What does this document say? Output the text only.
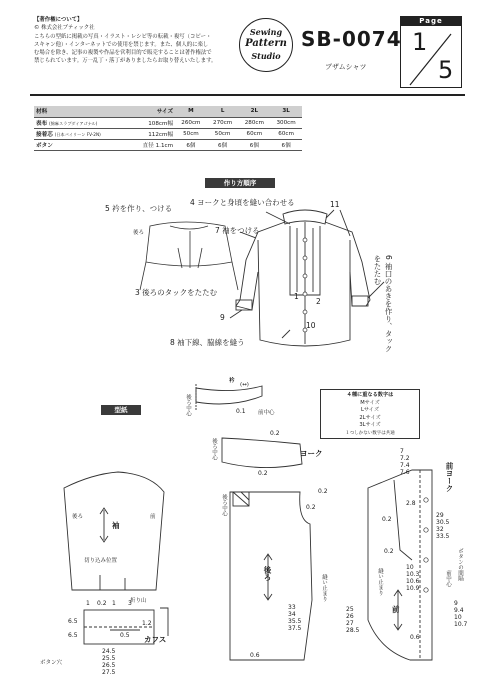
【著作権について】
© 株式会社ブティック社
こちらの型紙に掲載の写真・イラスト・レシピ等の転載・複写（コピー・
スキャン他）・インターネットでの使用を禁じます。また、個人的に楽し
む場合を除き、記事の複製や作品を営利目的で販売することは著作権法で
禁じられています。万一乱丁・落丁がありましたらお取り替えいたします。
Sewing
Pattern
Studio
SB-0074
ブザムシャツ
Page
1
5
材料	サイズ	M	L	2L	3L
表布 (綿麻スラブダイアゴナル)	108cm幅	260cm	270cm	280cm	300cm
接着芯 (日本バイリーン FV-2N)	112cm幅	50cm	50cm	60cm	60cm
ボタン	直径 1.1cm	6個	6個	6個	6個
作り方順序
5 衿を作り、つける
4 ヨークと身頃を縫い合わせる
7 袖をつける
11
6 袖口のあきを作り、タックをたたむ
3 後ろのタックをたたむ
9
1
2
10
8 袖下線、脇線を縫う
後ろ
型紙
衿
(↔)
後ろ中心	前中心
0.1
後ろ中心	ヨーク
0.2
0.2
４種に重なる数字は
Mサイズ
Lサイズ
2Lサイズ
3Lサイズ
１つしかない数字は共通
袖
後ろ	前
切り込み位置
折り山
1 0.2 1 3
6.5
6.5
1.2
0.5 カフス
ボタン穴
24.5
25.5
26.5
27.5
後ろ
後ろ中心	0.2
0.2
0.6
33
34
35.5
37.5
縫い止まり
前ヨーク
前
前中心
縫い止まり
7
7.2
7.4
7.6
2.8
10
10.3
10.6
10.9
29
30.5
32
33.5
ボタンの間隔
9
9.4
10
10.7
25
26
27
28.5
0.2
0.2
0.6
